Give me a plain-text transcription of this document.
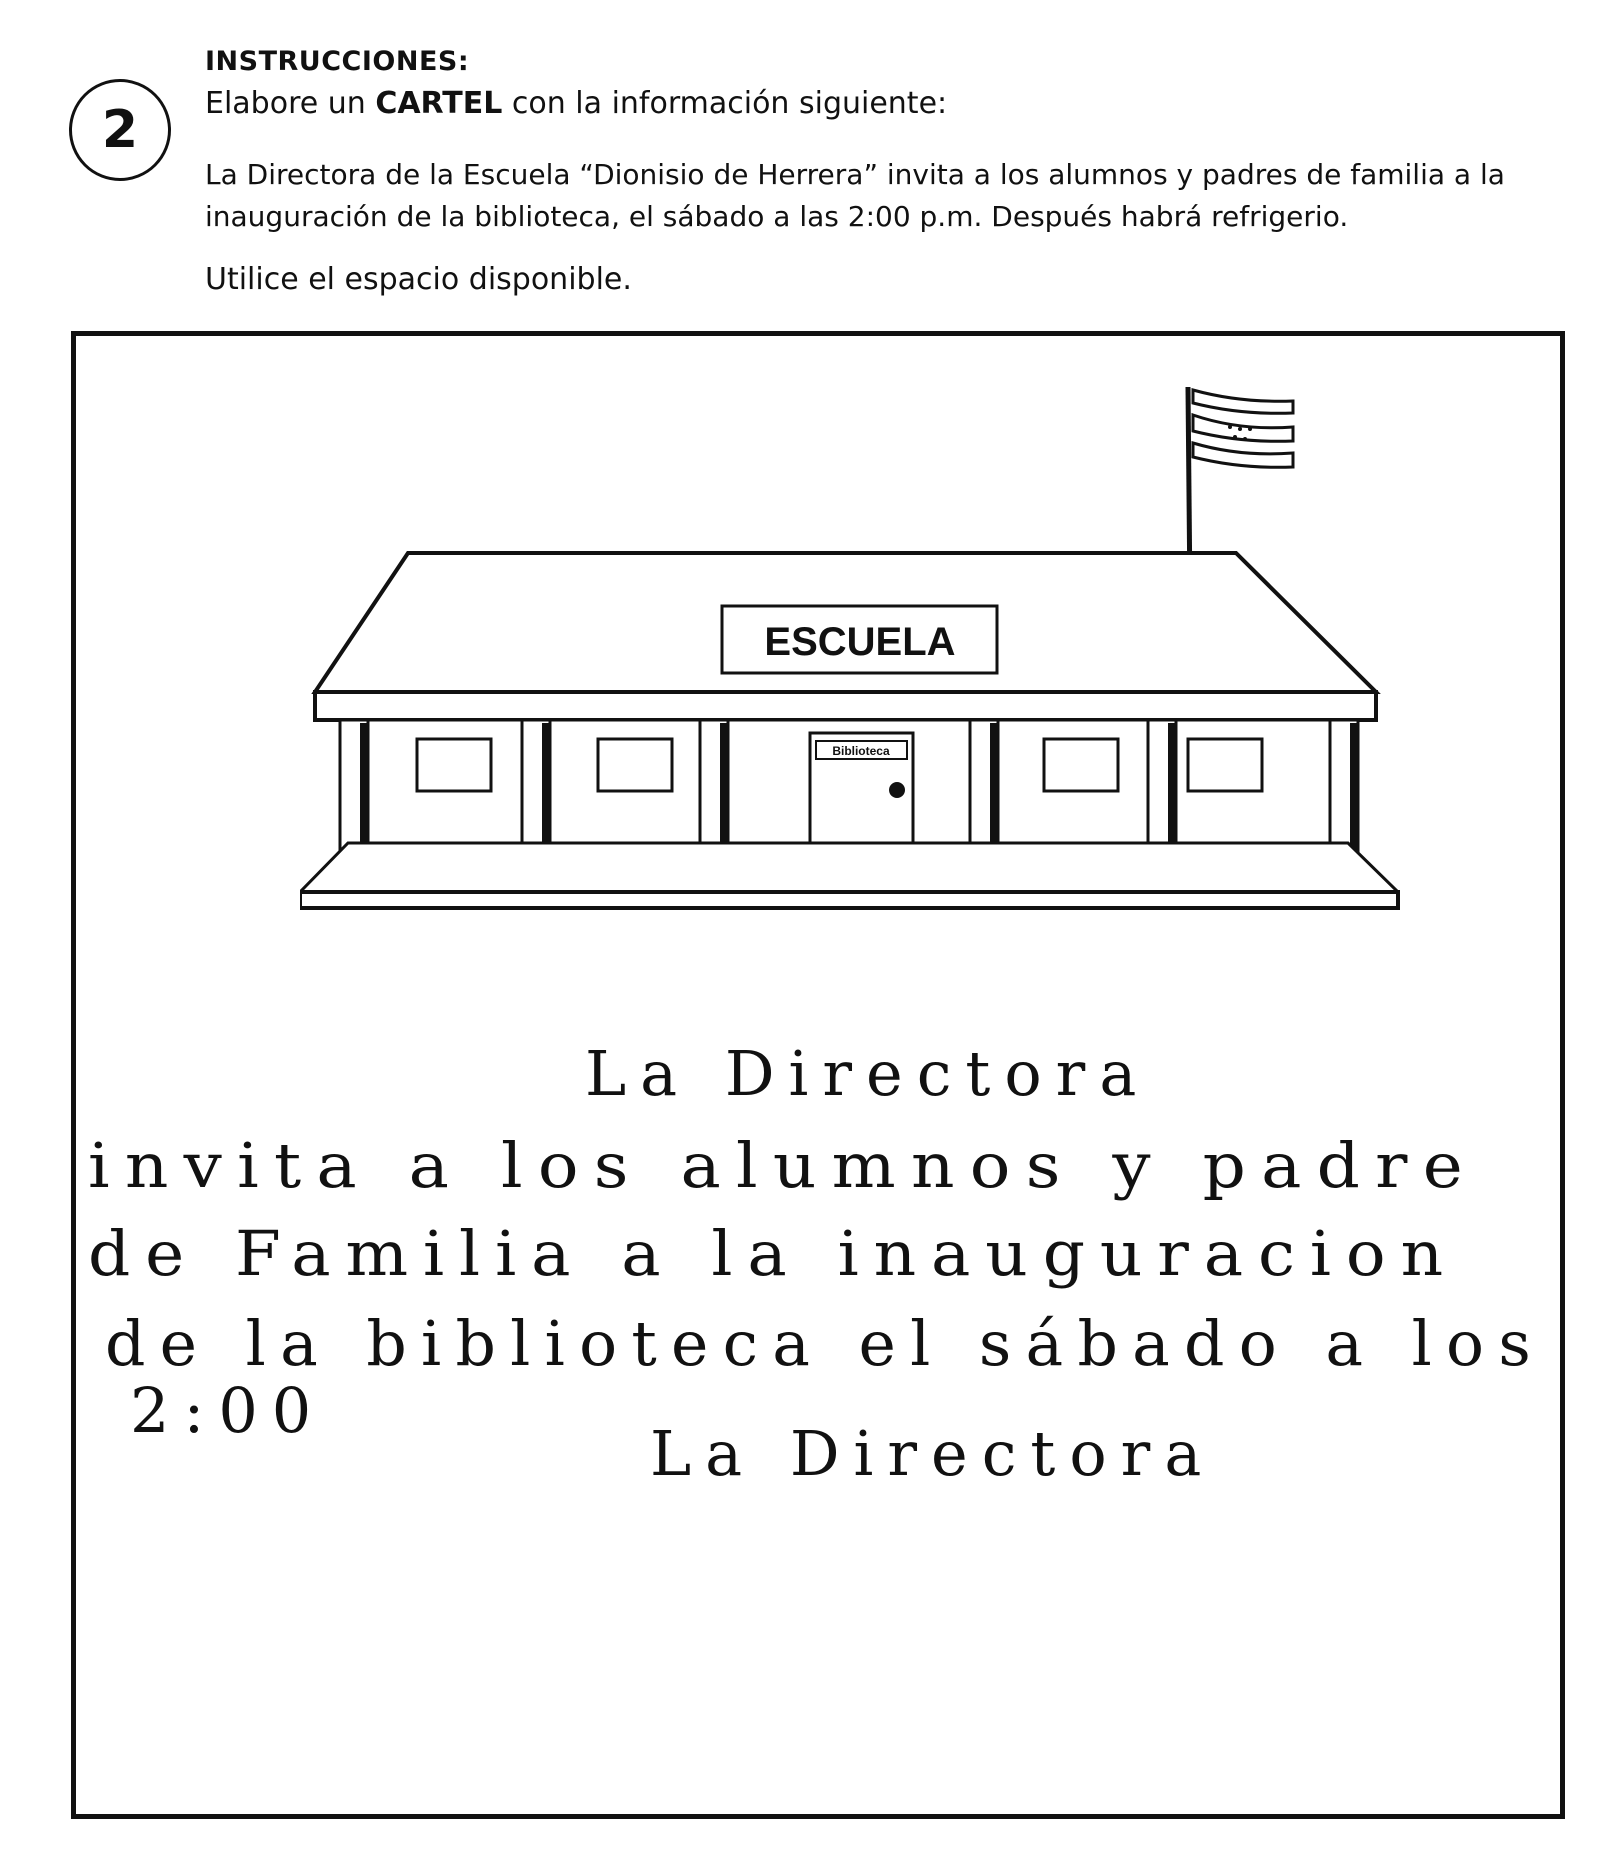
2
INSTRUCCIONES:
Elabore un CARTEL con la información siguiente:
La Directora de la Escuela “Dionisio de Herrera” invita a los alumnos y padres de familia a la inauguración de la biblioteca, el sábado a las 2:00 p.m. Después habrá refrigerio.
Utilice el espacio disponible.
ESCUELA
Biblioteca
La Directora
invita a los alumnos y padre
de Familia a la inauguracion
de la biblioteca el sábado a los
2:00
La Directora
